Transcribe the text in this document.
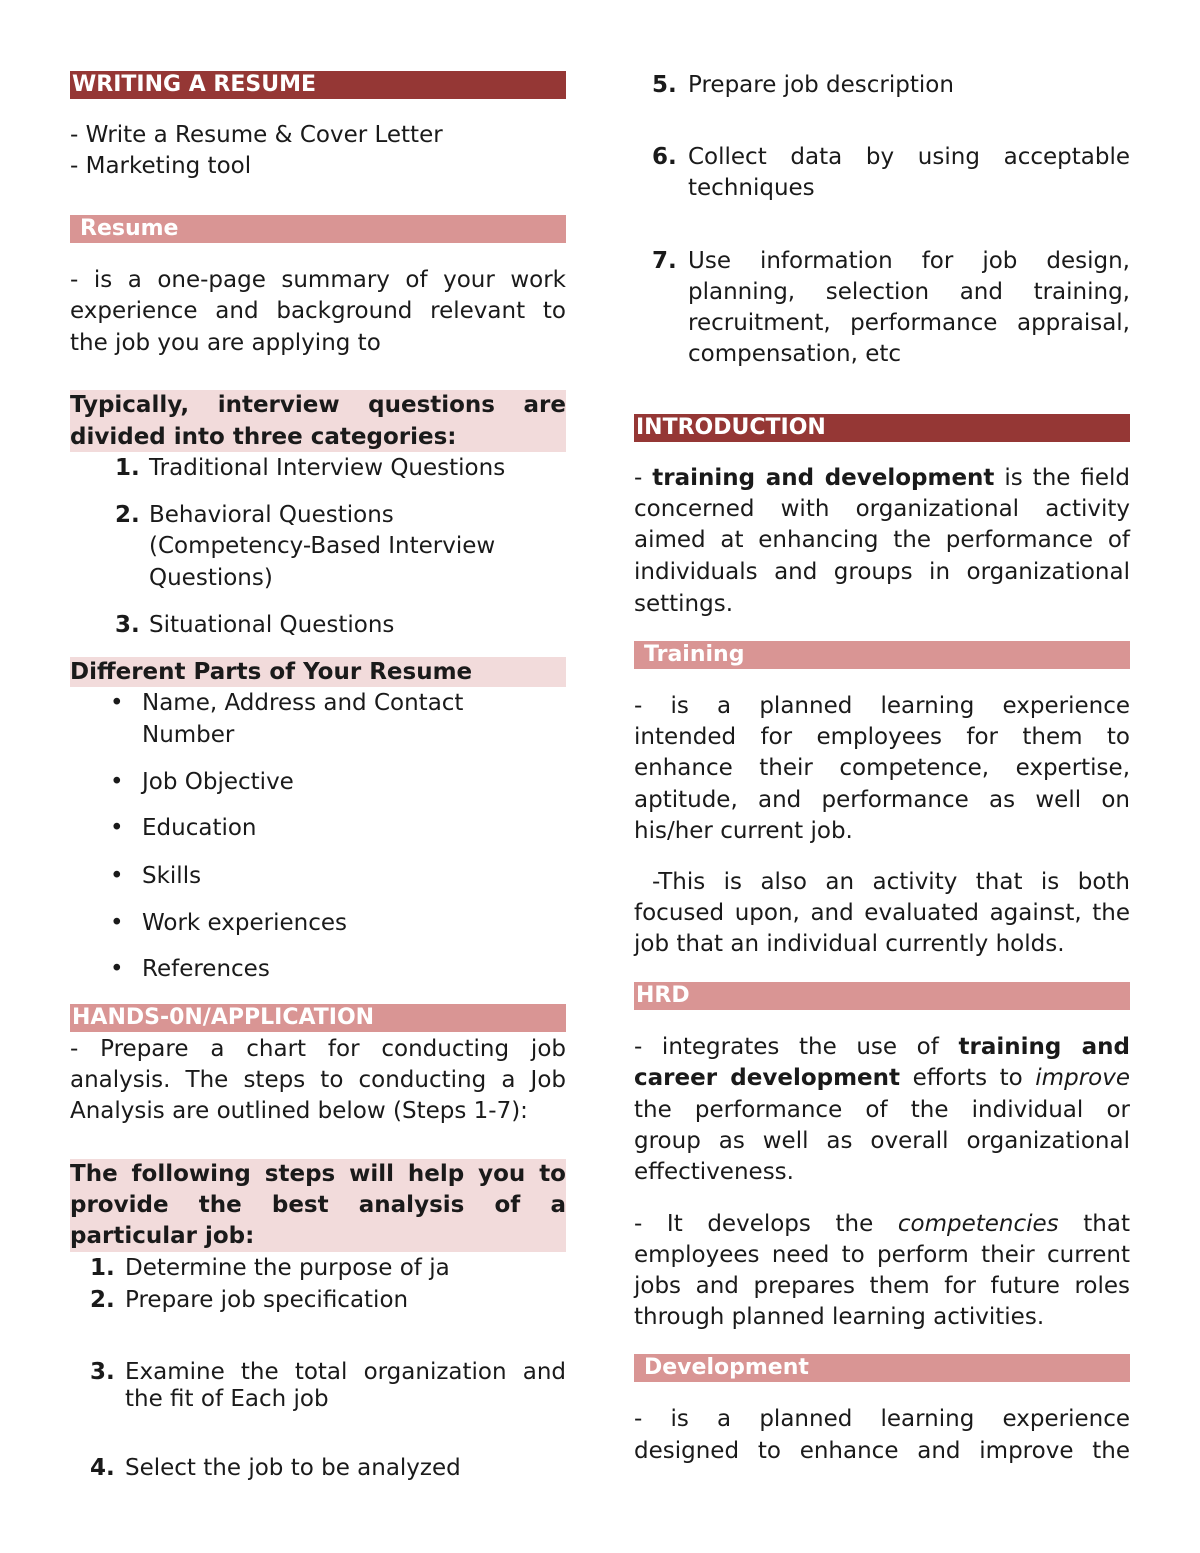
WRITING A RESUME
- Write a Resume & Cover Letter
- Marketing tool
Resume
- is a one-page summary of your work
experience and background relevant to
the job you are applying to
Typically, interview questions are
divided into three categories:
1. Traditional Interview Questions
2. Behavioral Questions
(Competency-Based Interview
Questions)
3. Situational Questions
Different Parts of Your Resume
• Name, Address and Contact
Number
• Job Objective
• Education
• Skills
• Work experiences
• References
HANDS-0N/APPLICATION
- Prepare a chart for conducting job
analysis. The steps to conducting a Job
Analysis are outlined below (Steps 1-7):
The following steps will help you to
provide the best analysis of a
particular job:
1. Determine the purpose of ja
2. Prepare job specification
3. Examine the total organization and
the fit of Each job
4. Select the job to be analyzed
5. Prepare job description
6. Collect data by using acceptable
techniques
7. Use information for job design,
planning, selection and training,
recruitment, performance appraisal,
compensation, etc
INTRODUCTION
- training and development is the field
concerned with organizational activity
aimed at enhancing the performance of
individuals and groups in organizational
settings.
Training
- is a planned learning experience
intended for employees for them to
enhance their competence, expertise,
aptitude, and performance as well on
his/her current job.
-This is also an activity that is both
focused upon, and evaluated against, the
job that an individual currently holds.
HRD
- integrates the use of training and
career development efforts to improve
the performance of the individual or
group as well as overall organizational
effectiveness.
- It develops the competencies that
employees need to perform their current
jobs and prepares them for future roles
through planned learning activities.
Development
- is a planned learning experience
designed to enhance and improve the
